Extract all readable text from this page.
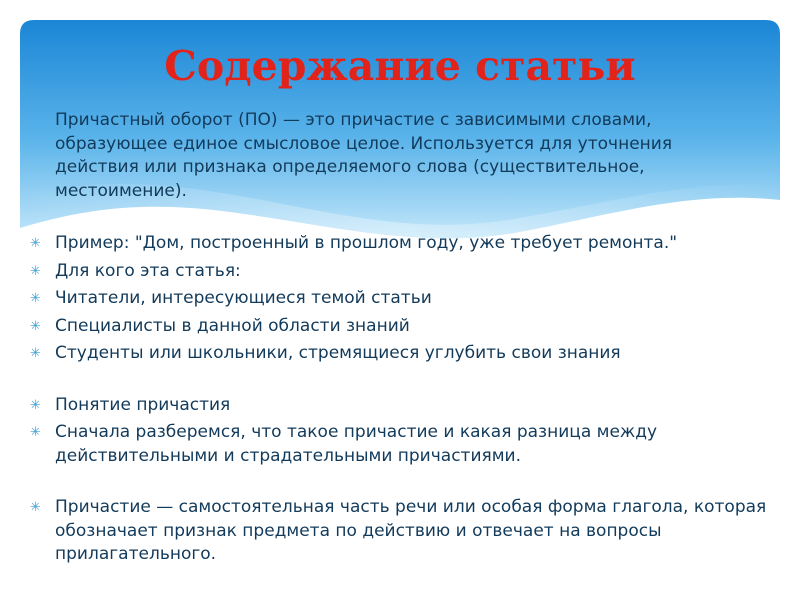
Содержание статьи

Причастный оборот (ПО) — это причастие с зависимыми словами, образующее единое смысловое целое. Используется для уточнения действия или признака определяемого слова (существительное, местоимение).

✳ Пример: "Дом, построенный в прошлом году, уже требует ремонта."
✳ Для кого эта статья:
✳ Читатели, интересующиеся темой статьи
✳ Специалисты в данной области знаний
✳ Студенты или школьники, стремящиеся углубить свои знания
✳ Понятие причастия
✳ Сначала разберемся, что такое причастие и какая разница между действительными и страдательными причастиями.
✳ Причастие — самостоятельная часть речи или особая форма глагола, которая обозначает признак предмета по действию и отвечает на вопросы прилагательного.
